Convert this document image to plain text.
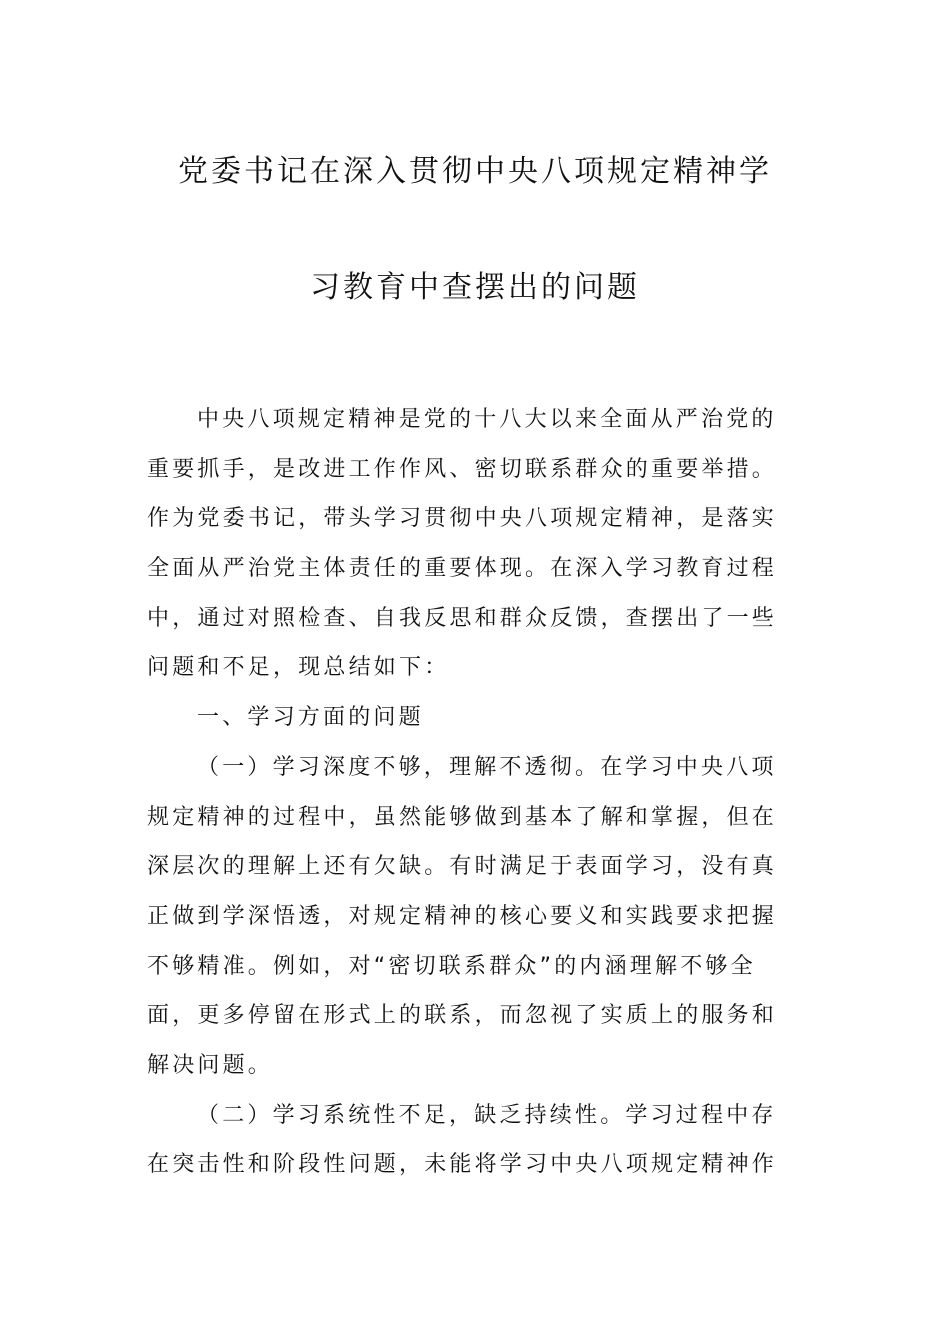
党委书记在深入贯彻中央八项规定精神学
习教育中查摆出的问题
中央八项规定精神是党的十八大以来全面从严治党的
重要抓手，是改进工作作风、密切联系群众的重要举措。
作为党委书记，带头学习贯彻中央八项规定精神，是落实
全面从严治党主体责任的重要体现。在深入学习教育过程
中，通过对照检查、自我反思和群众反馈，查摆出了一些
问题和不足，现总结如下：
一、学习方面的问题
（一）学习深度不够，理解不透彻。在学习中央八项
规定精神的过程中，虽然能够做到基本了解和掌握，但在
深层次的理解上还有欠缺。有时满足于表面学习，没有真
正做到学深悟透，对规定精神的核心要义和实践要求把握
不够精准。例如，对“密切联系群众”的内涵理解不够全
面，更多停留在形式上的联系，而忽视了实质上的服务和
解决问题。
（二）学习系统性不足，缺乏持续性。学习过程中存
在突击性和阶段性问题，未能将学习中央八项规定精神作
